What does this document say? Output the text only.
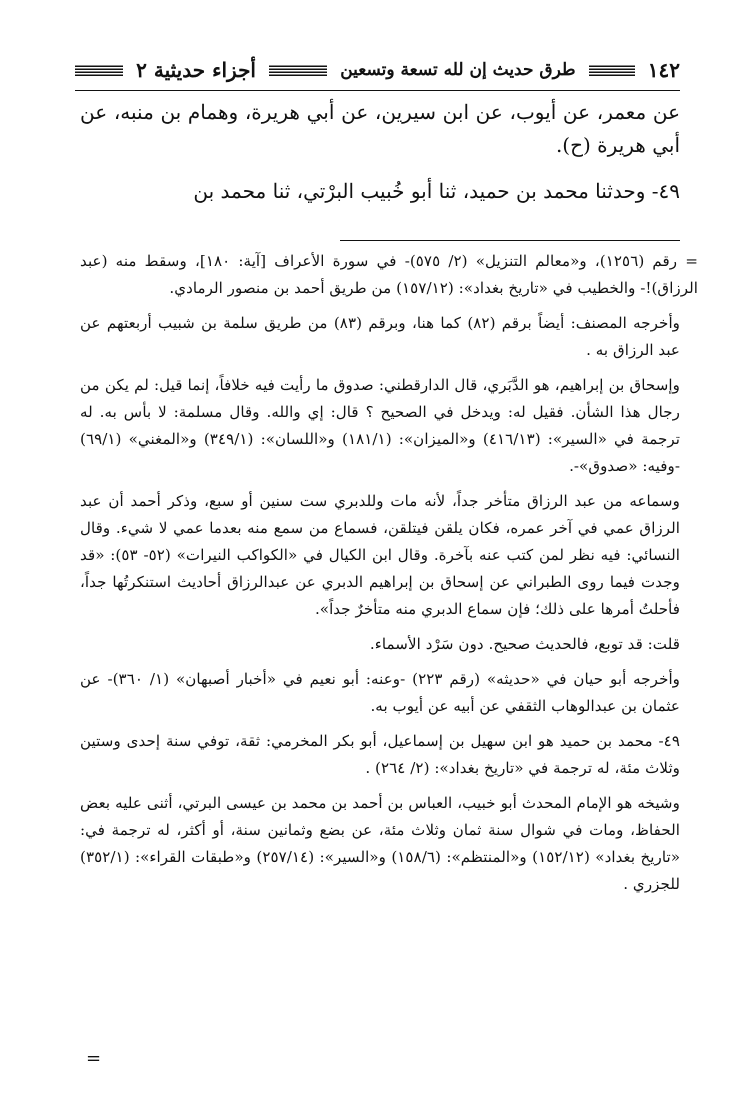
١٤٢
طرق حديث إن لله تسعة وتسعين
أجزاء حديثية ٢

عن معمر، عن أيوب، عن ابن سيرين، عن أبي هريرة، وهمام بن منبه، عن أبي هريرة (ح).

٤٩- وحدثنا محمد بن حميد، ثنا أبو خُبيب البرْتي، ثنا محمد بن

= رقم (١٢٥٦)، و«معالم التنزيل» (٢/ ٥٧٥)- في سورة الأعراف [آية: ١٨٠]، وسقط منه (عبد الرزاق)!- والخطيب في «تاريخ بغداد»: (١٥٧/١٢) من طريق أحمد بن منصور الرمادي.

وأخرجه المصنف: أيضاً برقم (٨٢) كما هنا، وبرقم (٨٣) من طريق سلمة بن شبيب أربعتهم عن عبد الرزاق به .

وإسحاق بن إبراهيم، هو الدَّبَري، قال الدارقطني: صدوق ما رأيت فيه خلافاً، إنما قيل: لم يكن من رجال هذا الشأن. فقيل له: ويدخل في الصحيح ؟ قال: إي والله. وقال مسلمة: لا بأس به. له ترجمة في «السير»: (٤١٦/١٣) و«الميزان»: (١٨١/١) و«اللسان»: (٣٤٩/١) و«المغني» (٦٩/١) -وفيه: «صدوق»-.

وسماعه من عبد الرزاق متأخر جداً، لأنه مات وللدبري ست سنين أو سبع، وذكر أحمد أن عبد الرزاق عمي في آخر عمره، فكان يلقن فيتلقن، فسماع من سمع منه بعدما عمي لا شيء. وقال النسائي: فيه نظر لمن كتب عنه بآخرة. وقال ابن الكيال في «الكواكب النيرات» (٥٢- ٥٣): «قد وجدت فيما روى الطبراني عن إسحاق بن إبراهيم الدبري عن عبدالرزاق أحاديث استنكرتُها جداً، فأحلتُ أمرها على ذلك؛ فإن سماع الدبري منه متأخرٌ جداً».

قلت: قد توبع، فالحديث صحيح. دون سَرْد الأسماء.

وأخرجه أبو حيان في «حديثه» (رقم ٢٢٣) -وعنه: أبو نعيم في «أخبار أصبهان» (١/ ٣٦٠)- عن عثمان بن عبدالوهاب الثقفي عن أبيه عن أيوب به.

٤٩- محمد بن حميد هو ابن سهيل بن إسماعيل، أبو بكر المخرمي: ثقة، توفي سنة إحدى وستين وثلاث مئة، له ترجمة في «تاريخ بغداد»: (٢/ ٢٦٤) .

وشيخه هو الإمام المحدث أبو خبيب، العباس بن أحمد بن محمد بن عيسى البرتي، أثنى عليه بعض الحفاظ، ومات في شوال سنة ثمان وثلاث مئة، عن بضع وثمانين سنة، أو أكثر، له ترجمة في: «تاريخ بغداد» (١٥٢/١٢) و«المنتظم»: (١٥٨/٦) و«السير»: (٢٥٧/١٤) و«طبقات القراء»: (٣٥٢/١) للجزري .

=
